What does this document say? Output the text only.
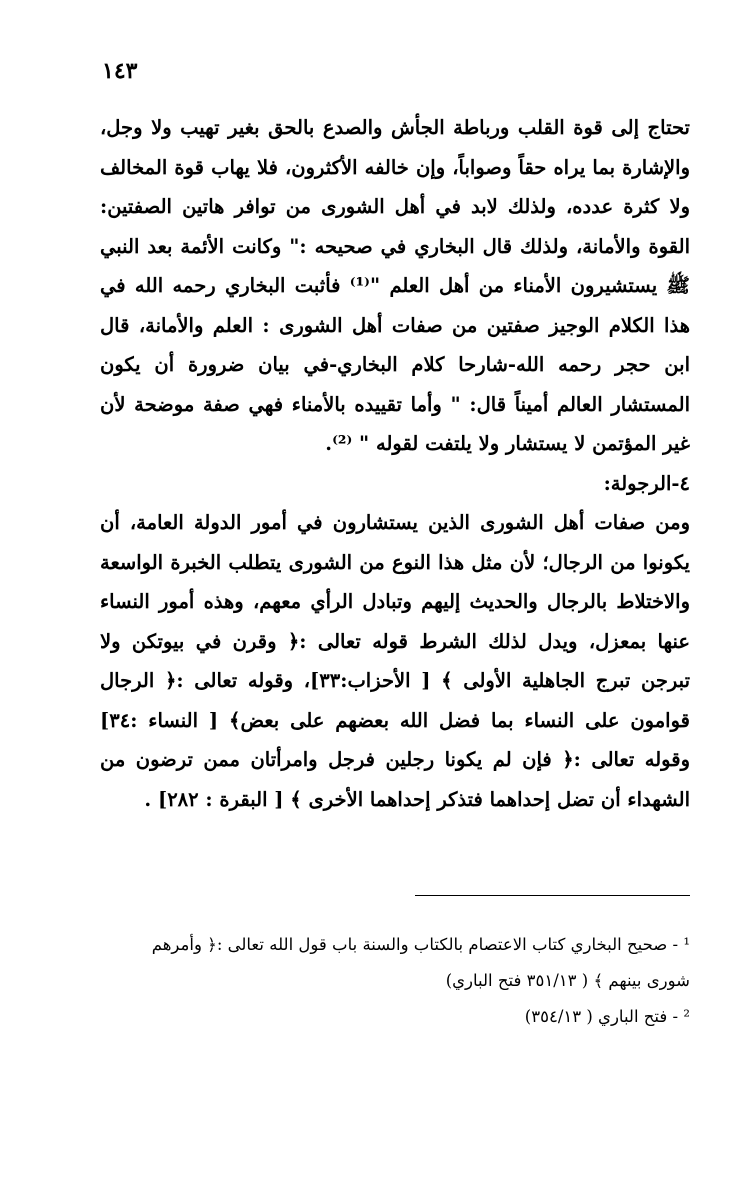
١٤٣

تحتاج إلى قوة القلب ورباطة الجأش والصدع بالحق بغير تهيب ولا وجل، والإشارة بما يراه حقاً وصواباً، وإن خالفه الأكثرون، فلا يهاب قوة المخالف ولا كثرة عدده، ولذلك لابد في أهل الشورى من توافر هاتين الصفتين: القوة والأمانة، ولذلك قال البخاري في صحيحه :" وكانت الأئمة بعد النبي ﷺ يستشيرون الأمناء من أهل العلم "⁽¹⁾ فأثبت البخاري رحمه الله في هذا الكلام الوجيز صفتين من صفات أهل الشورى : العلم والأمانة، قال ابن حجر رحمه الله-شارحا كلام البخاري-في بيان ضرورة أن يكون المستشار العالم أميناً قال: " وأما تقييده بالأمناء فهي صفة موضحة لأن غير المؤتمن لا يستشار ولا يلتفت لقوله " ⁽²⁾.

٤-الرجولة:

ومن صفات أهل الشورى الذين يستشارون في أمور الدولة العامة، أن يكونوا من الرجال؛ لأن مثل هذا النوع من الشورى يتطلب الخبرة الواسعة والاختلاط بالرجال والحديث إليهم وتبادل الرأي معهم، وهذه أمور النساء عنها بمعزل، ويدل لذلك الشرط قوله تعالى :﴿ وقرن في بيوتكن ولا تبرجن تبرج الجاهلية الأولى ﴾ [ الأحزاب:٣٣]، وقوله تعالى :﴿ الرجال قوامون على النساء بما فضل الله بعضهم على بعض﴾ [ النساء :٣٤] وقوله تعالى :﴿ فإن لم يكونا رجلين فرجل وامرأتان ممن ترضون من الشهداء أن تضل إحداهما فتذكر إحداهما الأخرى ﴾ [ البقرة : ٢٨٢] .

¹ - صحيح البخاري كتاب الاعتصام بالكتاب والسنة باب قول الله تعالى :﴿ وأمرهم شورى بينهم ﴾ ( ٣٥١/١٣ فتح الباري)

² - فتح الباري ( ٣٥٤/١٣)
